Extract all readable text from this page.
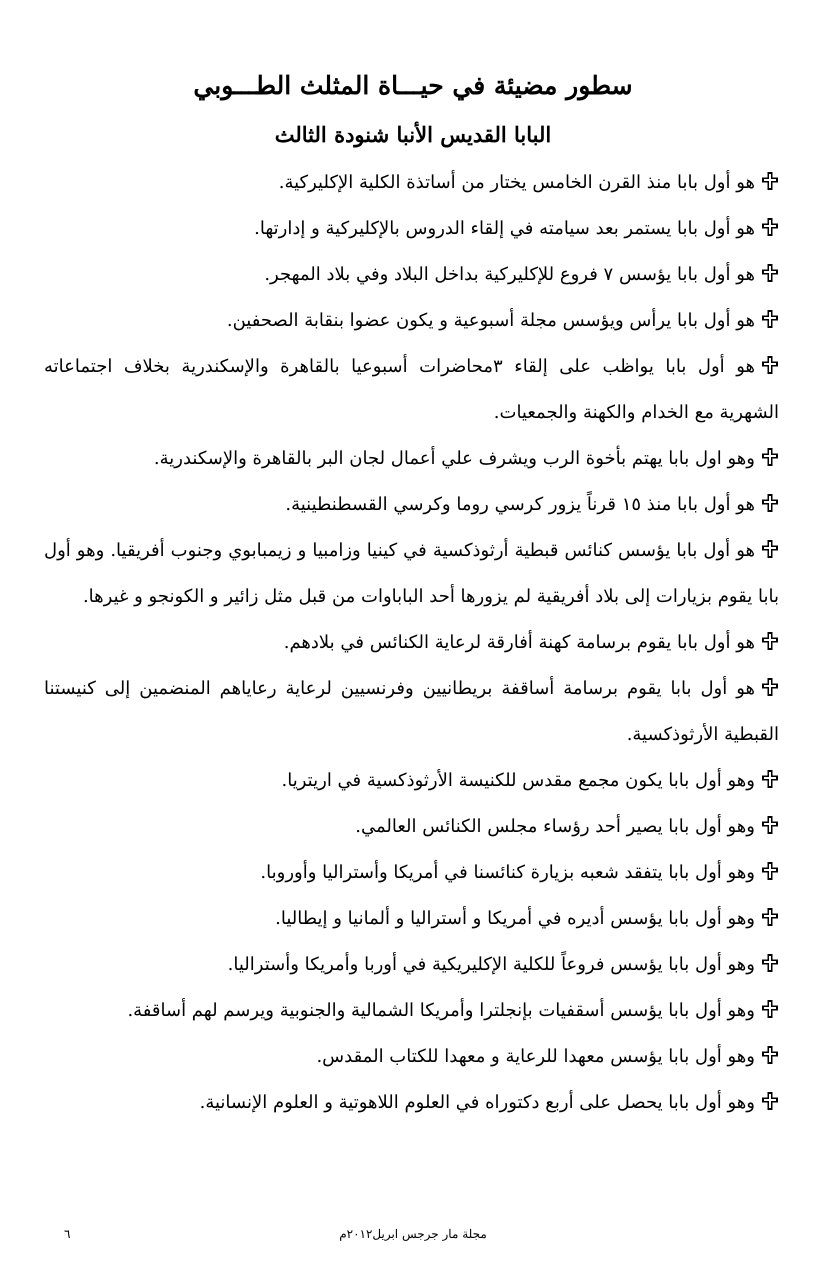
سطور مضيئة في حيـــاة المثلث الطـــوبي
البابا القديس الأنبا شنودة الثالث
هو أول بابا منذ القرن الخامس يختار من أساتذة الكلية الإكليركية.
هو أول بابا يستمر بعد سيامته في إلقاء الدروس بالإكليركية و إدارتها.
هو أول بابا يؤسس ٧ فروع للإكليركية بداخل البلاد وفي بلاد المهجر.
هو أول بابا يرأس ويؤسس مجلة أسبوعية و يكون عضوا بنقابة الصحفين.
هو أول بابا يواظب على إلقاء ٣محاضرات أسبوعيا بالقاهرة والإسكندرية بخلاف اجتماعاته الشهرية مع الخدام والكهنة والجمعيات.
وهو اول بابا يهتم بأخوة الرب ويشرف علي أعمال لجان البر بالقاهرة والإسكندرية.
هو أول بابا منذ ١٥ قرناً يزور كرسي روما وكرسي القسطنطينية.
هو أول بابا يؤسس كنائس قبطية أرثوذكسية في كينيا وزامبيا و زيمبابوي وجنوب أفريقيا. وهو أول بابا يقوم بزيارات إلى بلاد أفريقية لم يزورها أحد الباباوات من قبل مثل زائير و الكونجو و غيرها.
هو أول بابا يقوم برسامة كهنة أفارقة لرعاية الكنائس في بلادهم.
هو أول بابا يقوم برسامة أساقفة بريطانيين وفرنسيين لرعاية رعاياهم المنضمين إلى كنيستنا القبطية الأرثوذكسية.
وهو أول بابا يكون مجمع مقدس للكنيسة الأرثوذكسية في اريتريا.
وهو أول بابا يصير أحد رؤساء مجلس الكنائس العالمي.
وهو أول بابا يتفقد شعبه بزيارة كنائسنا في أمريكا وأستراليا وأوروبا.
وهو أول بابا يؤسس أديره في أمريكا و أستراليا و ألمانيا و إيطاليا.
وهو أول بابا يؤسس فروعاً للكلية الإكليريكية في أوربا وأمريكا وأستراليا.
وهو أول بابا يؤسس أسقفيات بإنجلترا وأمريكا الشمالية والجنوبية ويرسم لهم أساقفة.
وهو أول بابا يؤسس معهدا للرعاية و معهدا للكتاب المقدس.
وهو أول بابا يحصل على أربع دكتوراه في العلوم اللاهوتية و العلوم الإنسانية.
مجلة مار جرجس ابريل٢٠١٢م
٦
